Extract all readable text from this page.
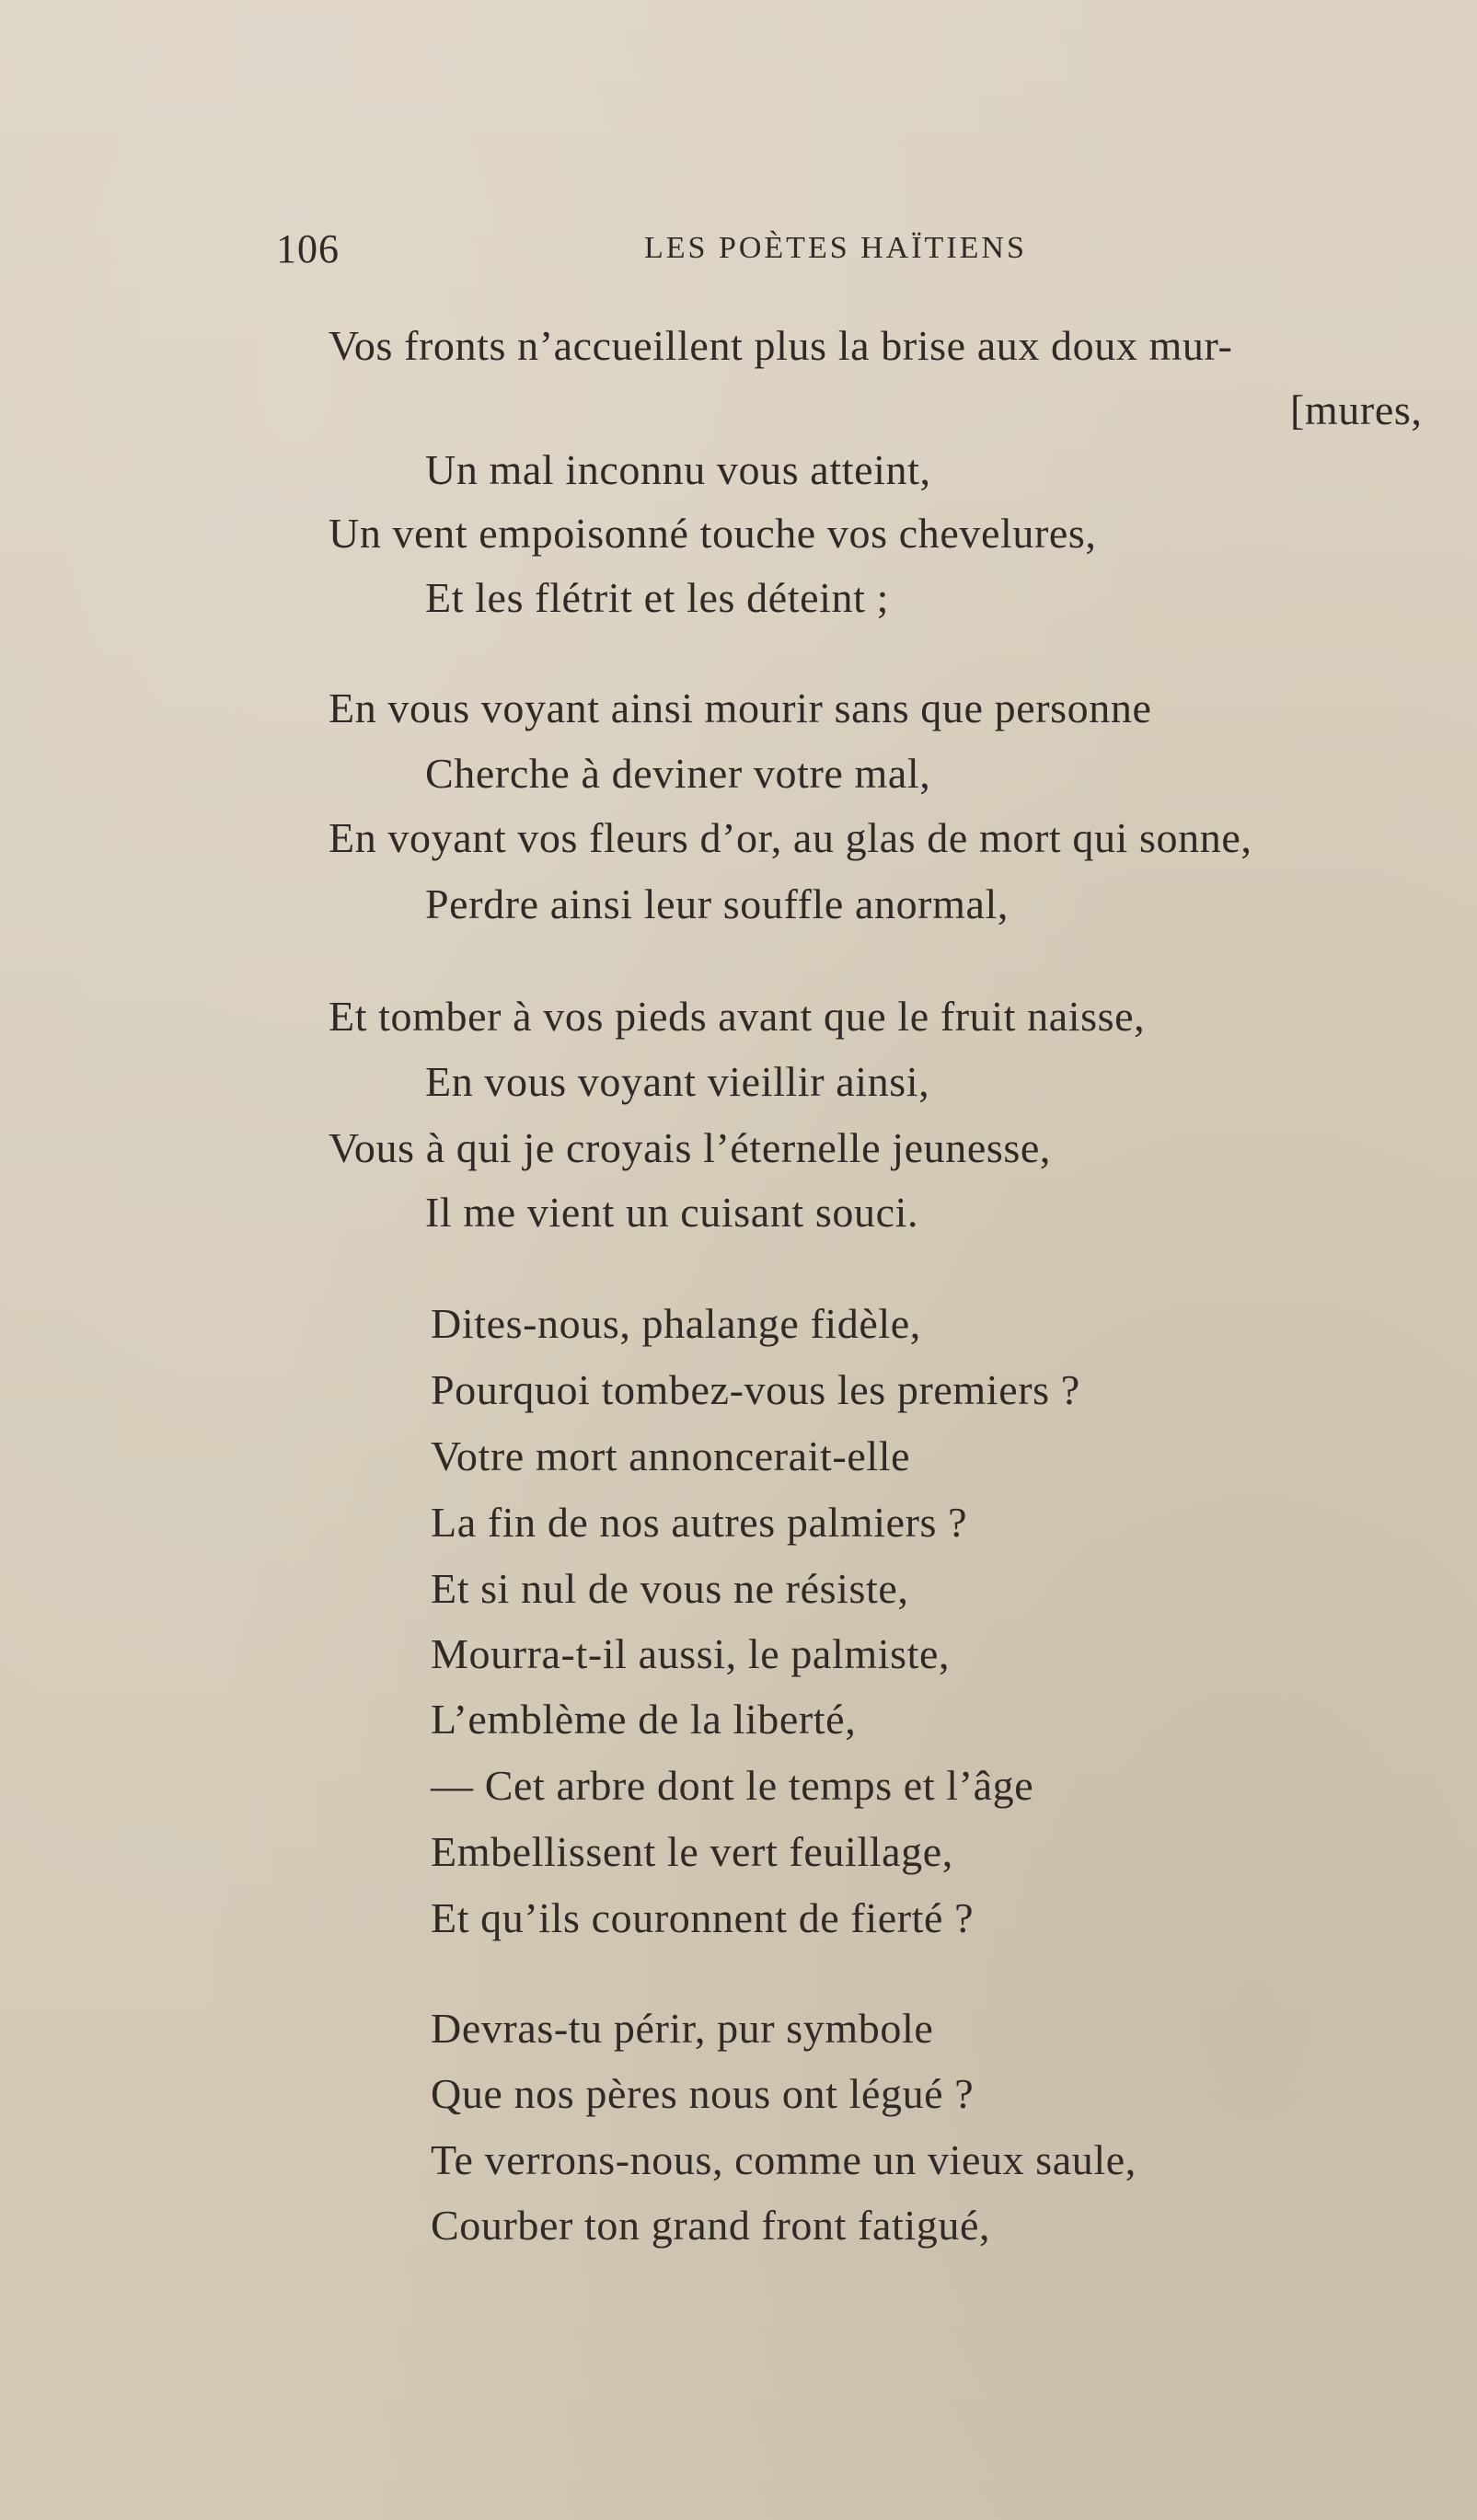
106	LES POÈTES HAÏTIENS
Vos fronts n’accueillent plus la brise aux doux mur-
[mures,
Un mal inconnu vous atteint,
Un vent empoisonné touche vos chevelures,
Et les flétrit et les déteint ;
En vous voyant ainsi mourir sans que personne
Cherche à deviner votre mal,
En voyant vos fleurs d’or, au glas de mort qui sonne,
Perdre ainsi leur souffle anormal,
Et tomber à vos pieds avant que le fruit naisse,
En vous voyant vieillir ainsi,
Vous à qui je croyais l’éternelle jeunesse,
Il me vient un cuisant souci.
Dites-nous, phalange fidèle,
Pourquoi tombez-vous les premiers ?
Votre mort annoncerait-elle
La fin de nos autres palmiers ?
Et si nul de vous ne résiste,
Mourra-t-il aussi, le palmiste,
L’emblème de la liberté,
— Cet arbre dont le temps et l’âge
Embellissent le vert feuillage,
Et qu’ils couronnent de fierté ?
Devras-tu périr, pur symbole
Que nos pères nous ont légué ?
Te verrons-nous, comme un vieux saule,
Courber ton grand front fatigué,
